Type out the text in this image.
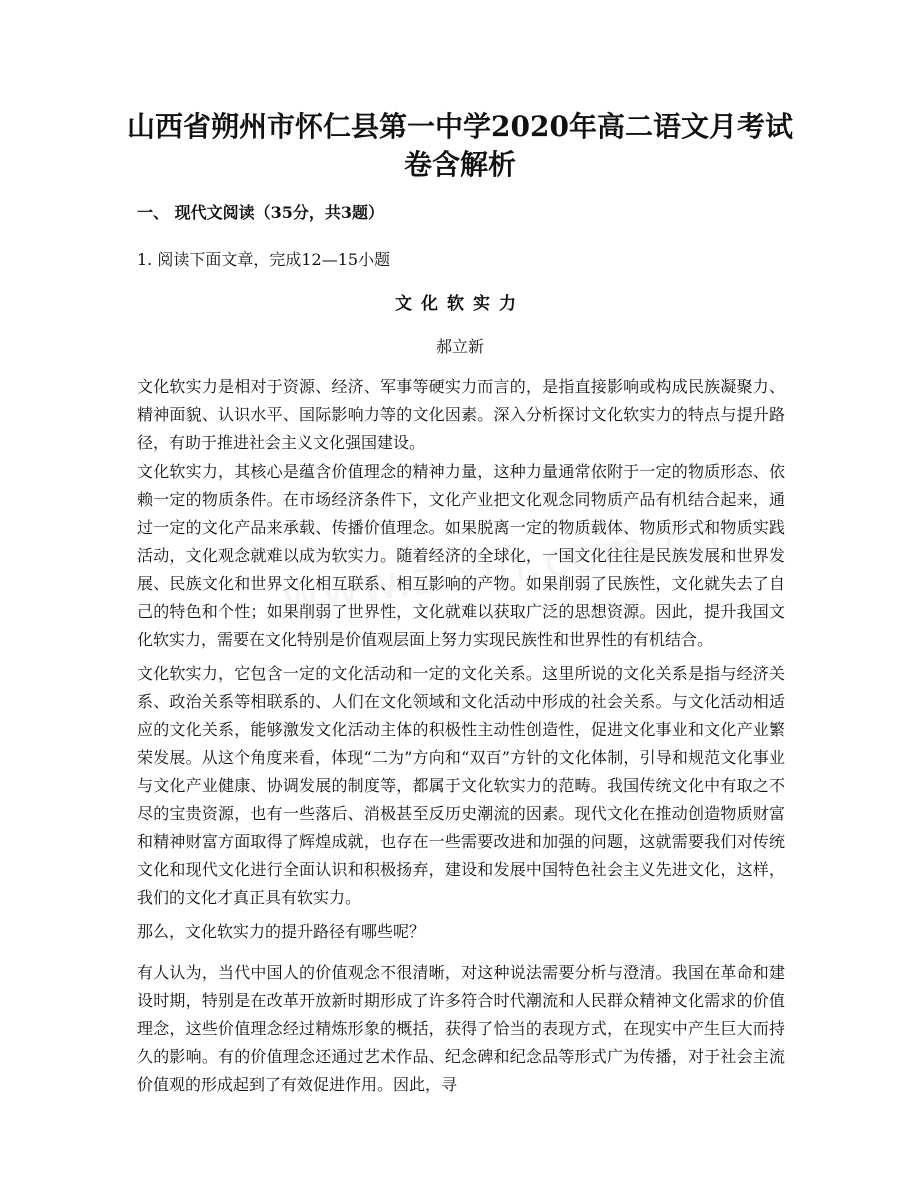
山西省朔州市怀仁县第一中学2020年高二语文月考试
卷含解析
一、 现代文阅读（35分，共3题）

1. 阅读下面文章，完成12—15小题

文化软实力

郝立新

文化软实力是相对于资源、经济、军事等硬实力而言的，是指直接影响或构成民族凝聚力、精神面貌、认识水平、国际影响力等的文化因素。深入分析探讨文化软实力的特点与提升路径，有助于推进社会主义文化强国建设。

文化软实力，其核心是蕴含价值理念的精神力量，这种力量通常依附于一定的物质形态、依赖一定的物质条件。在市场经济条件下，文化产业把文化观念同物质产品有机结合起来，通过一定的文化产品来承载、传播价值理念。如果脱离一定的物质载体、物质形式和物质实践活动，文化观念就难以成为软实力。随着经济的全球化，一国文化往往是民族发展和世界发展、民族文化和世界文化相互联系、相互影响的产物。如果削弱了民族性，文化就失去了自己的特色和个性；如果削弱了世界性，文化就难以获取广泛的思想资源。因此，提升我国文化软实力，需要在文化特别是价值观层面上努力实现民族性和世界性的有机结合。

文化软实力，它包含一定的文化活动和一定的文化关系。这里所说的文化关系是指与经济关系、政治关系等相联系的、人们在文化领域和文化活动中形成的社会关系。与文化活动相适应的文化关系，能够激发文化活动主体的积极性主动性创造性，促进文化事业和文化产业繁荣发展。从这个角度来看，体现“二为”方向和“双百”方针的文化体制，引导和规范文化事业与文化产业健康、协调发展的制度等，都属于文化软实力的范畴。我国传统文化中有取之不尽的宝贵资源，也有一些落后、消极甚至反历史潮流的因素。现代文化在推动创造物质财富和精神财富方面取得了辉煌成就，也存在一些需要改进和加强的问题，这就需要我们对传统文化和现代文化进行全面认识和积极扬弃，建设和发展中国特色社会主义先进文化，这样，我们的文化才真正具有软实力。

那么，文化软实力的提升路径有哪些呢？

有人认为，当代中国人的价值观念不很清晰，对这种说法需要分析与澄清。我国在革命和建设时期，特别是在改革开放新时期形成了许多符合时代潮流和人民群众精神文化需求的价值理念，这些价值理念经过精炼形象的概括，获得了恰当的表现方式，在现实中产生巨大而持久的影响。有的价值理念还通过艺术作品、纪念碑和纪念品等形式广为传播，对于社会主流价值观的形成起到了有效促进作用。因此，寻
